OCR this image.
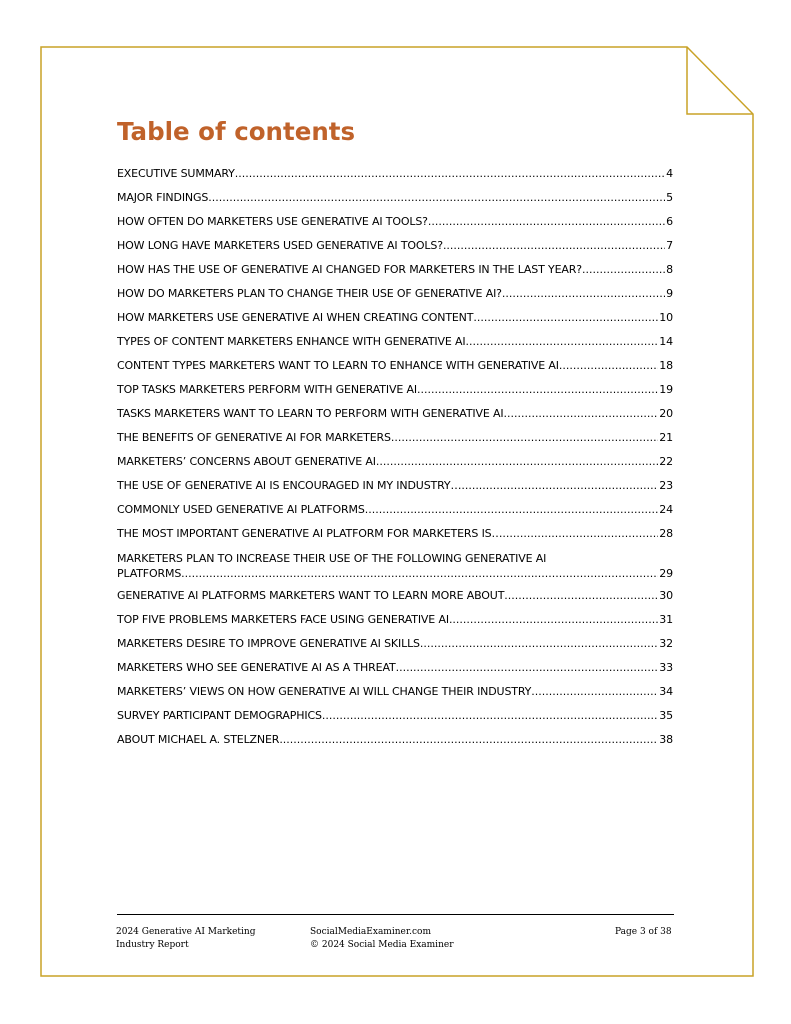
Table of contents
EXECUTIVE SUMMARY .....	4
MAJOR FINDINGS .....	5
HOW OFTEN DO MARKETERS USE GENERATIVE AI TOOLS? .....	6
HOW LONG HAVE MARKETERS USED GENERATIVE AI TOOLS? .....	7
HOW HAS THE USE OF GENERATIVE AI CHANGED FOR MARKETERS IN THE LAST YEAR? .....	8
HOW DO MARKETERS PLAN TO CHANGE THEIR USE OF GENERATIVE AI? .....	9
HOW MARKETERS USE GENERATIVE AI WHEN CREATING CONTENT .....	10
TYPES OF CONTENT MARKETERS ENHANCE WITH GENERATIVE AI .....	14
CONTENT TYPES MARKETERS WANT TO LEARN TO ENHANCE WITH GENERATIVE AI .....	18
TOP TASKS MARKETERS PERFORM WITH GENERATIVE AI .....	19
TASKS MARKETERS WANT TO LEARN TO PERFORM WITH GENERATIVE AI .....	20
THE BENEFITS OF GENERATIVE AI FOR MARKETERS .....	21
MARKETERS’ CONCERNS ABOUT GENERATIVE AI .....	22
THE USE OF GENERATIVE AI IS ENCOURAGED IN MY INDUSTRY… .....	23
COMMONLY USED GENERATIVE AI PLATFORMS .....	24
THE MOST IMPORTANT GENERATIVE AI PLATFORM FOR MARKETERS IS… .....	28
MARKETERS PLAN TO INCREASE THEIR USE OF THE FOLLOWING GENERATIVE AI
PLATFORMS .....	29
GENERATIVE AI PLATFORMS MARKETERS WANT TO LEARN MORE ABOUT .....	30
TOP FIVE PROBLEMS MARKETERS FACE USING GENERATIVE AI .....	31
MARKETERS DESIRE TO IMPROVE GENERATIVE AI SKILLS .....	32
MARKETERS WHO SEE GENERATIVE AI AS A THREAT .....	33
MARKETERS’ VIEWS ON HOW GENERATIVE AI WILL CHANGE THEIR INDUSTRY .....	34
SURVEY PARTICIPANT DEMOGRAPHICS .....	35
ABOUT MICHAEL A. STELZNER .....	38
2024 Generative AI Marketing
Industry Report
SocialMediaExaminer.com
© 2024 Social Media Examiner
Page 3 of 38
